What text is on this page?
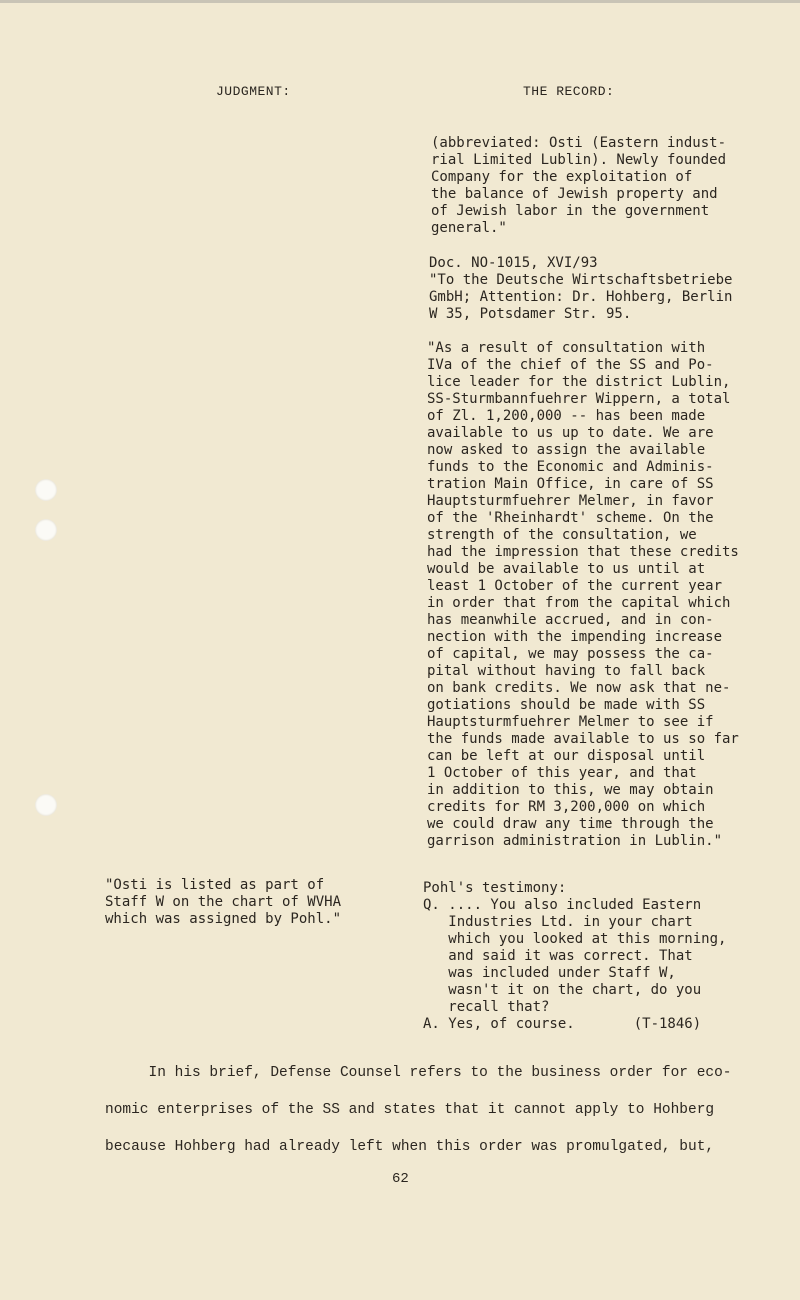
JUDGMENT:	THE RECORD:
(abbreviated: Osti (Eastern indust-
rial Limited Lublin). Newly founded
Company for the exploitation of
the balance of Jewish property and
of Jewish labor in the government
general."
Doc. NO-1015, XVI/93
"To the Deutsche Wirtschaftsbetriebe
GmbH; Attention: Dr. Hohberg, Berlin
W 35, Potsdamer Str. 95.
"As a result of consultation with
IVa of the chief of the SS and Po-
lice leader for the district Lublin,
SS-Sturmbannfuehrer Wippern, a total
of Zl. 1,200,000 -- has been made
available to us up to date. We are
now asked to assign the available
funds to the Economic and Adminis-
tration Main Office, in care of SS
Hauptsturmfuehrer Melmer, in favor
of the 'Rheinhardt' scheme. On the
strength of the consultation, we
had the impression that these credits
would be available to us until at
least 1 October of the current year
in order that from the capital which
has meanwhile accrued, and in con-
nection with the impending increase
of capital, we may possess the ca-
pital without having to fall back
on bank credits. We now ask that ne-
gotiations should be made with SS
Hauptsturmfuehrer Melmer to see if
the funds made available to us so far
can be left at our disposal until
1 October of this year, and that
in addition to this, we may obtain
credits for RM 3,200,000 on which
we could draw any time through the
garrison administration in Lublin."
"Osti is listed as part of
Staff W on the chart of WVHA
which was assigned by Pohl."
Pohl's testimony:
Q. .... You also included Eastern
Industries Ltd. in your chart
which you looked at this morning,
and said it was correct. That
was included under Staff W,
wasn't it on the chart, do you
recall that?
A. Yes, of course.       (T-1846)
In his brief, Defense Counsel refers to the business order for eco-
nomic enterprises of the SS and states that it cannot apply to Hohberg
because Hohberg had already left when this order was promulgated, but,
62
